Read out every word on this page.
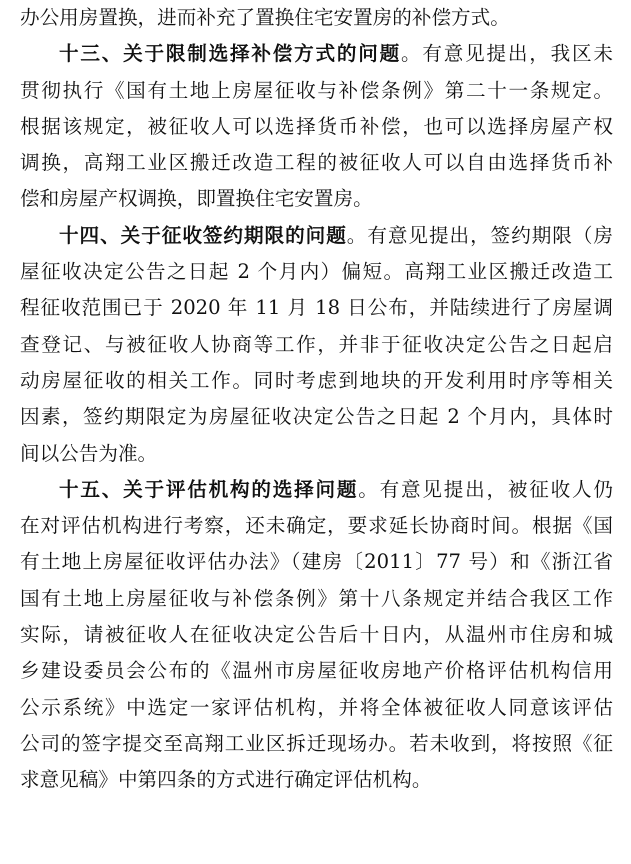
办公用房置换，进而补充了置换住宅安置房的补偿方式。
十三、关于限制选择补偿方式的问题。有意见提出，我区未
贯彻执行《国有土地上房屋征收与补偿条例》第二十一条规定。
根据该规定，被征收人可以选择货币补偿，也可以选择房屋产权
调换，高翔工业区搬迁改造工程的被征收人可以自由选择货币补
偿和房屋产权调换，即置换住宅安置房。
十四、关于征收签约期限的问题。有意见提出，签约期限（房
屋征收决定公告之日起 2 个月内）偏短。高翔工业区搬迁改造工
程征收范围已于 2020 年 11 月 18 日公布，并陆续进行了房屋调
查登记、与被征收人协商等工作，并非于征收决定公告之日起启
动房屋征收的相关工作。同时考虑到地块的开发利用时序等相关
因素，签约期限定为房屋征收决定公告之日起 2 个月内，具体时
间以公告为准。
十五、关于评估机构的选择问题。有意见提出，被征收人仍
在对评估机构进行考察，还未确定，要求延长协商时间。根据《国
有土地上房屋征收评估办法》（建房〔2011〕77 号）和《浙江省
国有土地上房屋征收与补偿条例》第十八条规定并结合我区工作
实际，请被征收人在征收决定公告后十日内，从温州市住房和城
乡建设委员会公布的《温州市房屋征收房地产价格评估机构信用
公示系统》中选定一家评估机构，并将全体被征收人同意该评估
公司的签字提交至高翔工业区拆迁现场办。若未收到，将按照《征
求意见稿》中第四条的方式进行确定评估机构。
